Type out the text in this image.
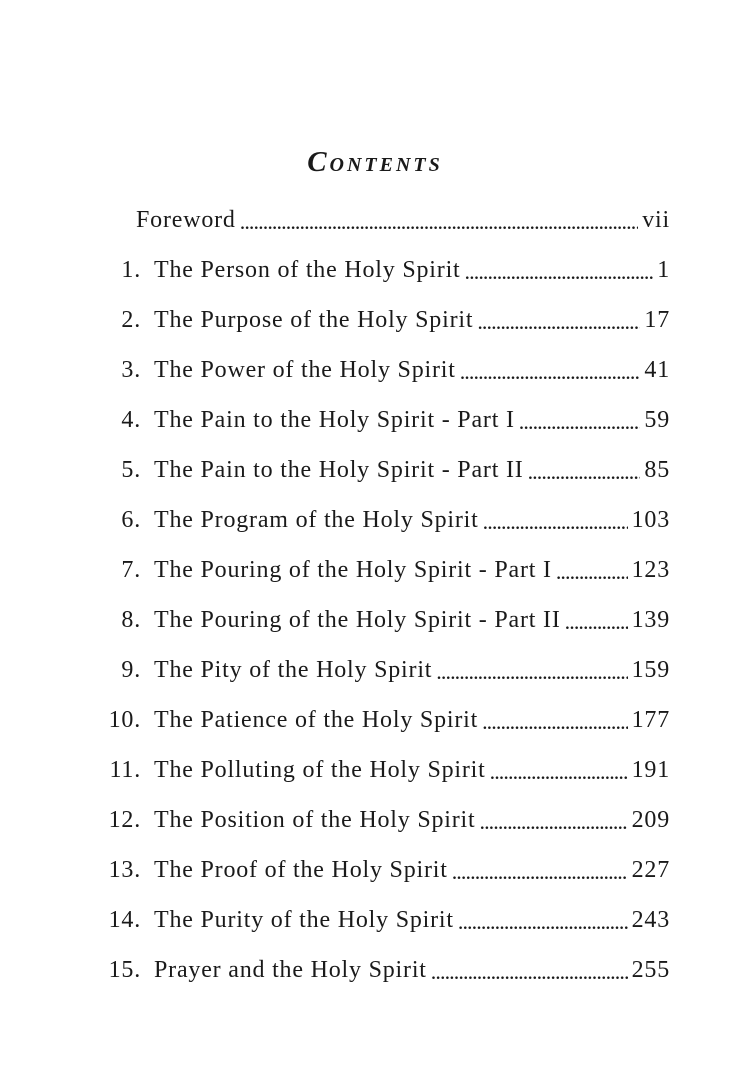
Contents
Foreword . . .	vii
1. The Person of the Holy Spirit . . .	1
2. The Purpose of the Holy Spirit . . .	17
3. The Power of the Holy Spirit . . .	41
4. The Pain to the Holy Spirit - Part I . . .	59
5. The Pain to the Holy Spirit - Part II . . .	85
6. The Program of the Holy Spirit . . .	103
7. The Pouring of the Holy Spirit - Part I . . .	123
8. The Pouring of the Holy Spirit - Part II . . .	139
9. The Pity of the Holy Spirit . . .	159
10. The Patience of the Holy Spirit . . .	177
11. The Polluting of the Holy Spirit . . .	191
12. The Position of the Holy Spirit . . .	209
13. The Proof of the Holy Spirit . . .	227
14. The Purity of the Holy Spirit . . .	243
15. Prayer and the Holy Spirit . . .	255
